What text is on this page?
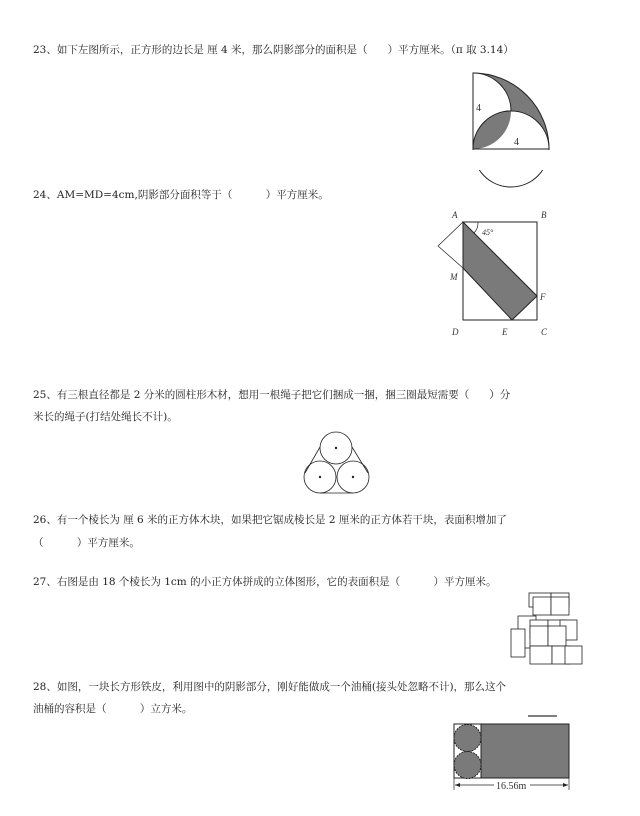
23、如下左图所示，正方形的边长是 厘 4 米，那么阴影部分的面积是（      ）平方厘米。（π 取 3.14）
24、AM=MD=4cm,阴影部分面积等于（          ）平方厘米。
25、有三根直径都是 2 分米的圆柱形木材，想用一根绳子把它们捆成一捆，捆三圈最短需要（      ）分
米长的绳子(打结处绳长不计)。
26、有一个棱长为 厘 6 米的正方体木块，如果把它锯成棱长是 2 厘米的正方体若干块，表面积增加了
（          ）平方厘米。
27、右图是由 18 个棱长为 1cm 的小正方体拼成的立体图形，它的表面积是（          ）平方厘米。
28、如图，一块长方形铁皮，利用图中的阴影部分，刚好能做成一个油桶(接头处忽略不计)，那么这个
油桶的容积是（          ）立方米。
4
4
A	B
M
F
D	E	C
45°
16.56m
